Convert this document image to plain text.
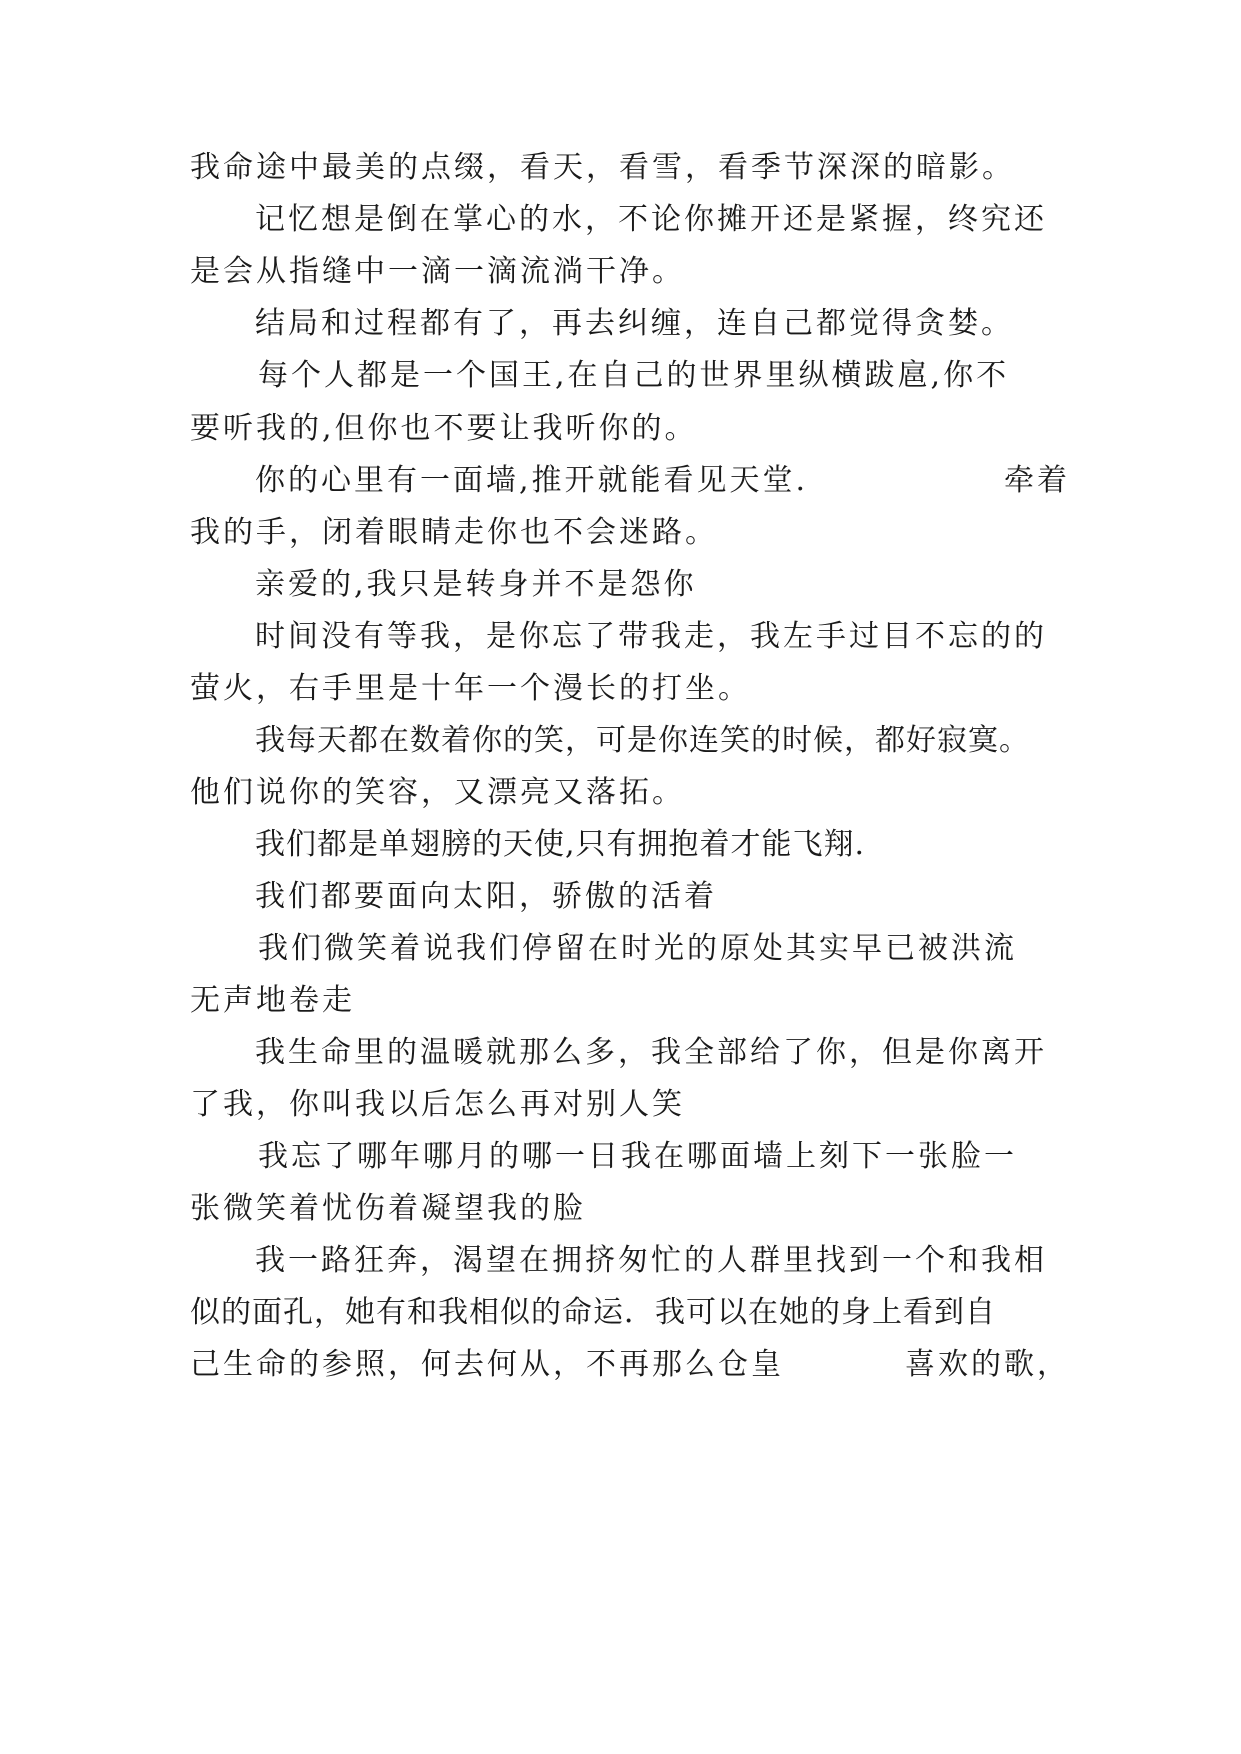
我命途中最美的点缀，看天，看雪，看季节深深的暗影。
记忆想是倒在掌心的水，不论你摊开还是紧握，终究还
是会从指缝中一滴一滴流淌干净。
结局和过程都有了，再去纠缠，连自己都觉得贪婪。
每个人都是一个国王,在自己的世界里纵横跋扈,你不
要听我的,但你也不要让我听你的。
你的心里有一面墙,推开就能看见天堂.	牵着
我的手，闭着眼睛走你也不会迷路。
亲爱的,我只是转身并不是怨你
时间没有等我，是你忘了带我走，我左手过目不忘的的
萤火，右手里是十年一个漫长的打坐。
我每天都在数着你的笑，可是你连笑的时候，都好寂寞。
他们说你的笑容，又漂亮又落拓。
我们都是单翅膀的天使,只有拥抱着才能飞翔.
我们都要面向太阳，骄傲的活着
我们微笑着说我们停留在时光的原处其实早已被洪流
无声地卷走
我生命里的温暖就那么多，我全部给了你，但是你离开
了我，你叫我以后怎么再对别人笑
我忘了哪年哪月的哪一日我在哪面墙上刻下一张脸一
张微笑着忧伤着凝望我的脸
我一路狂奔，渴望在拥挤匆忙的人群里找到一个和我相
似的面孔，她有和我相似的命运．我可以在她的身上看到自
己生命的参照，何去何从，不再那么仓皇	喜欢的歌，
